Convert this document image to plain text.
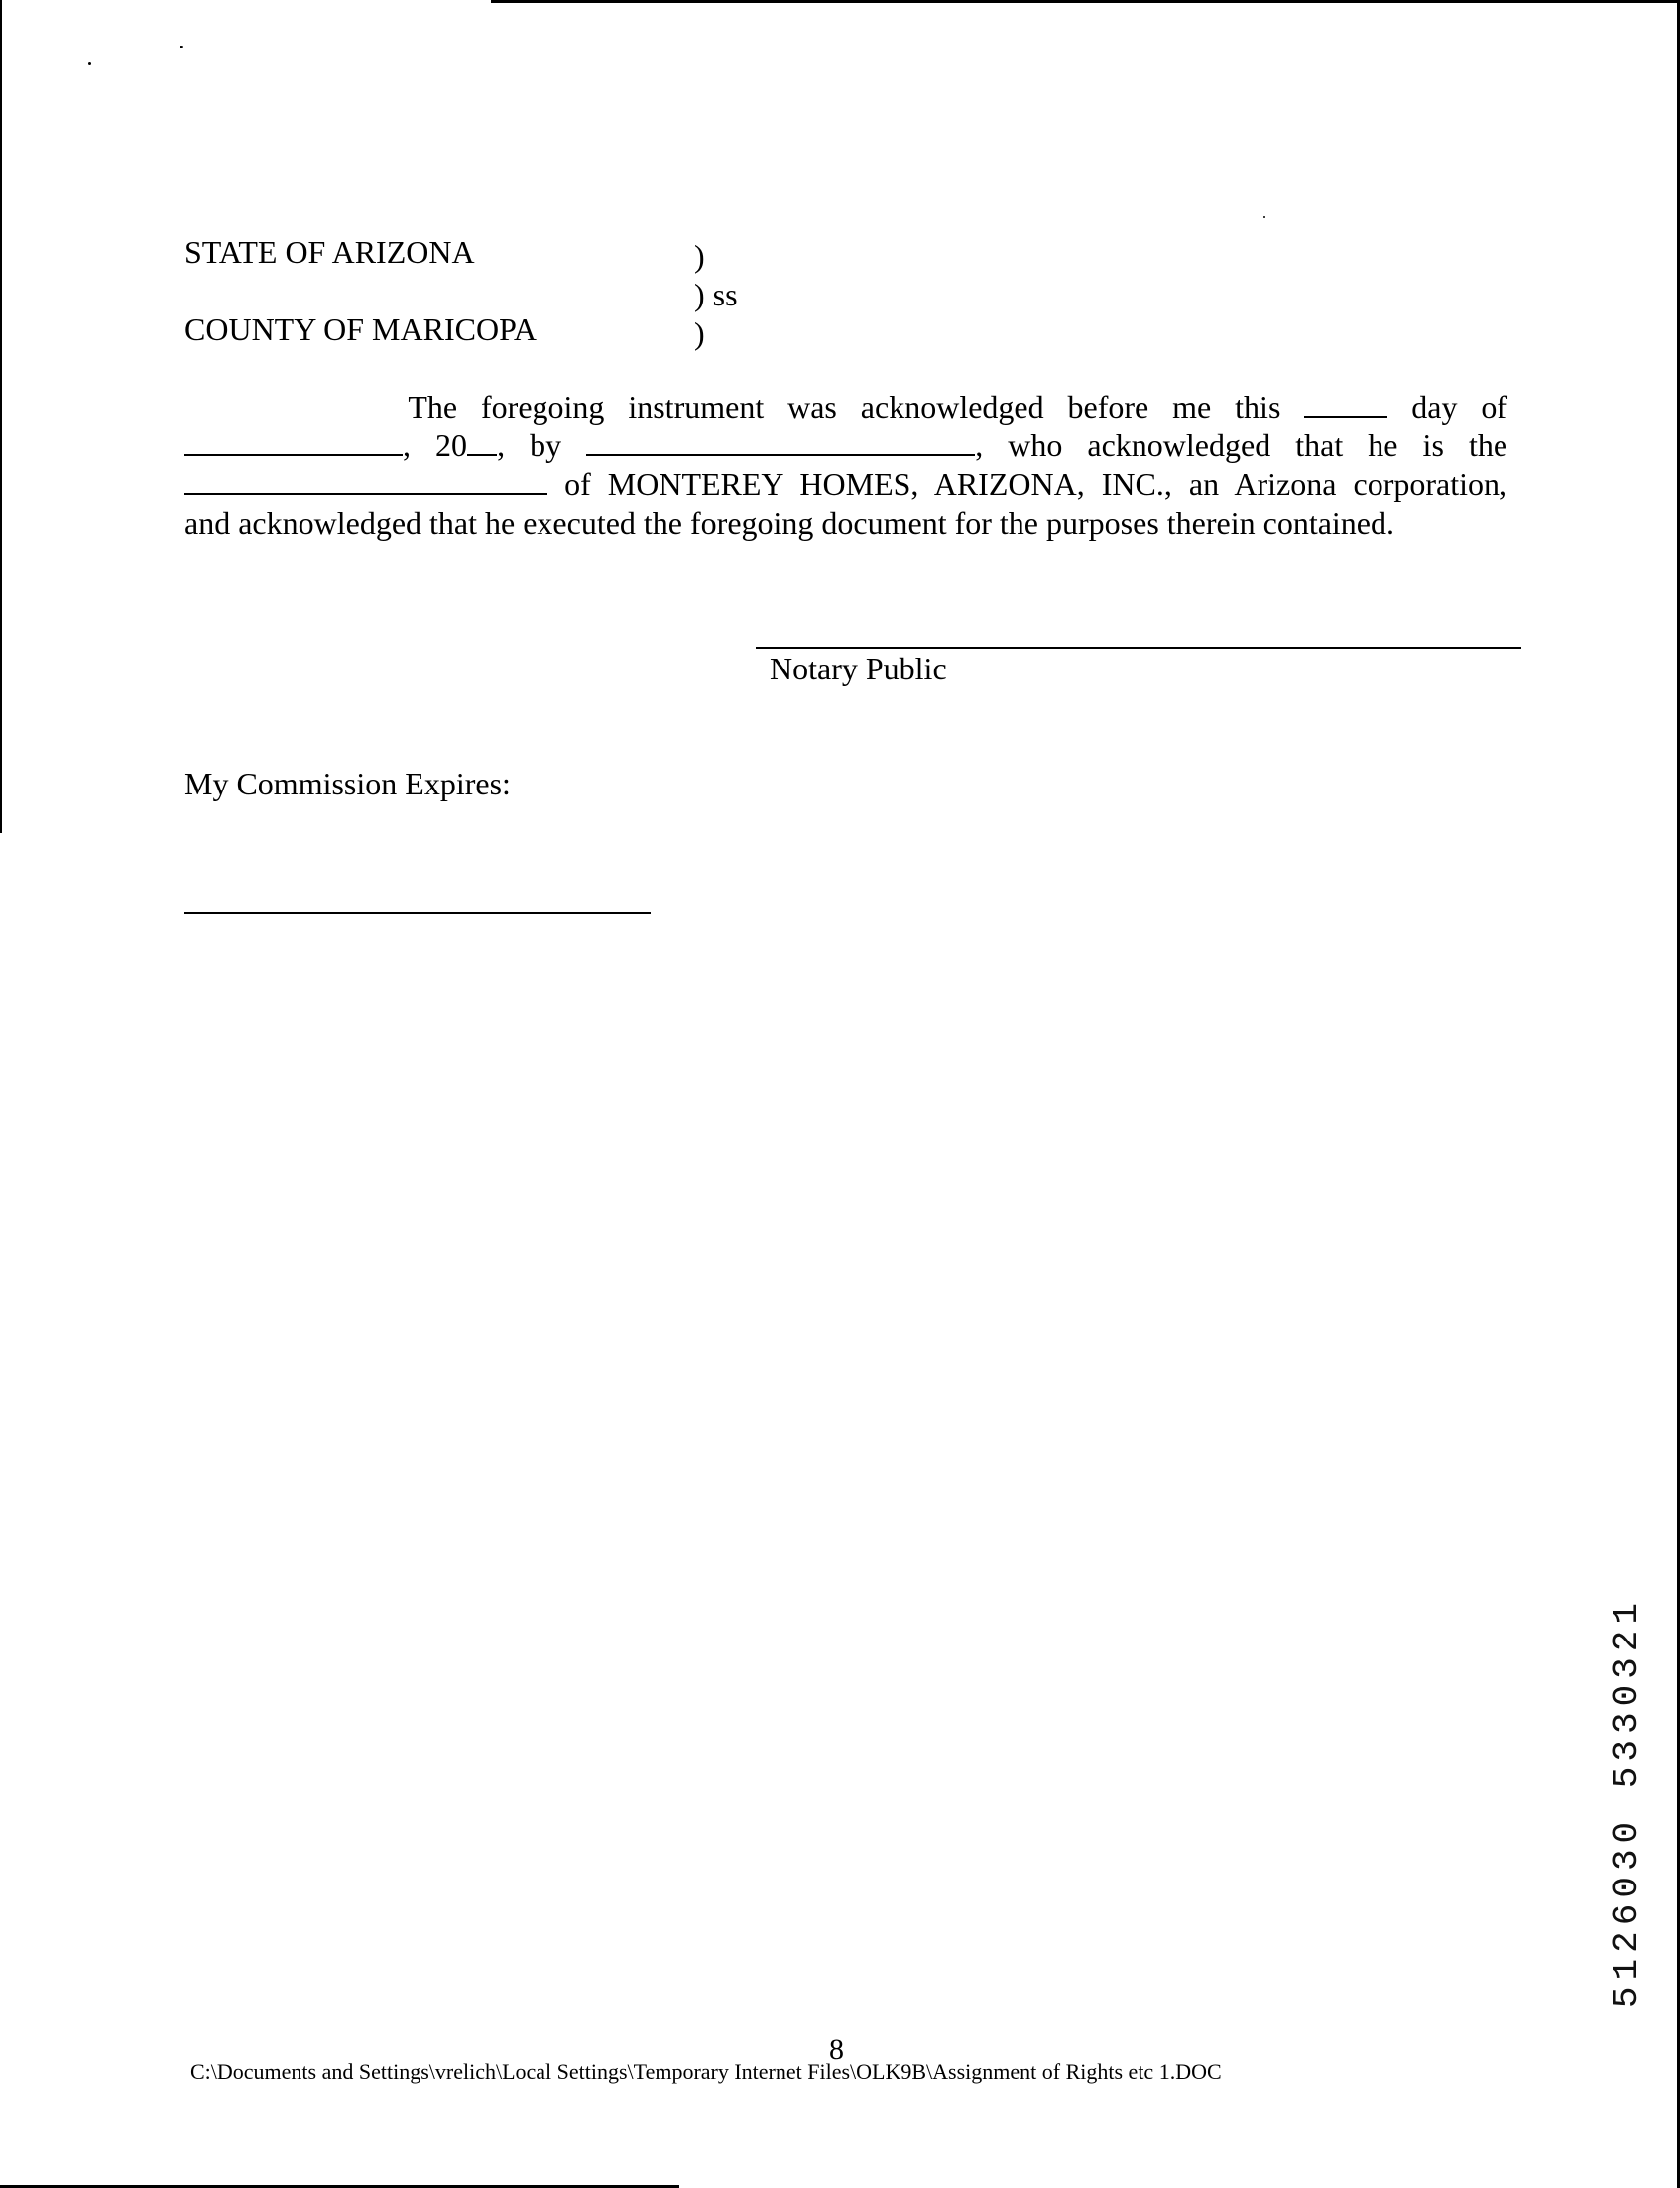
STATE OF ARIZONA
COUNTY OF MARICOPA
)
) ss
)
The foregoing instrument was acknowledged before me this	day of
, 20 , by	, who acknowledged that he is the
of MONTEREY HOMES, ARIZONA, INC., an Arizona corporation,
and acknowledged that he executed the foregoing document for the purposes therein contained.
Notary Public
My Commission Expires:
5126030 5330321
8
C:\Documents and Settings\vrelich\Local Settings\Temporary Internet Files\OLK9B\Assignment of Rights etc 1.DOC
